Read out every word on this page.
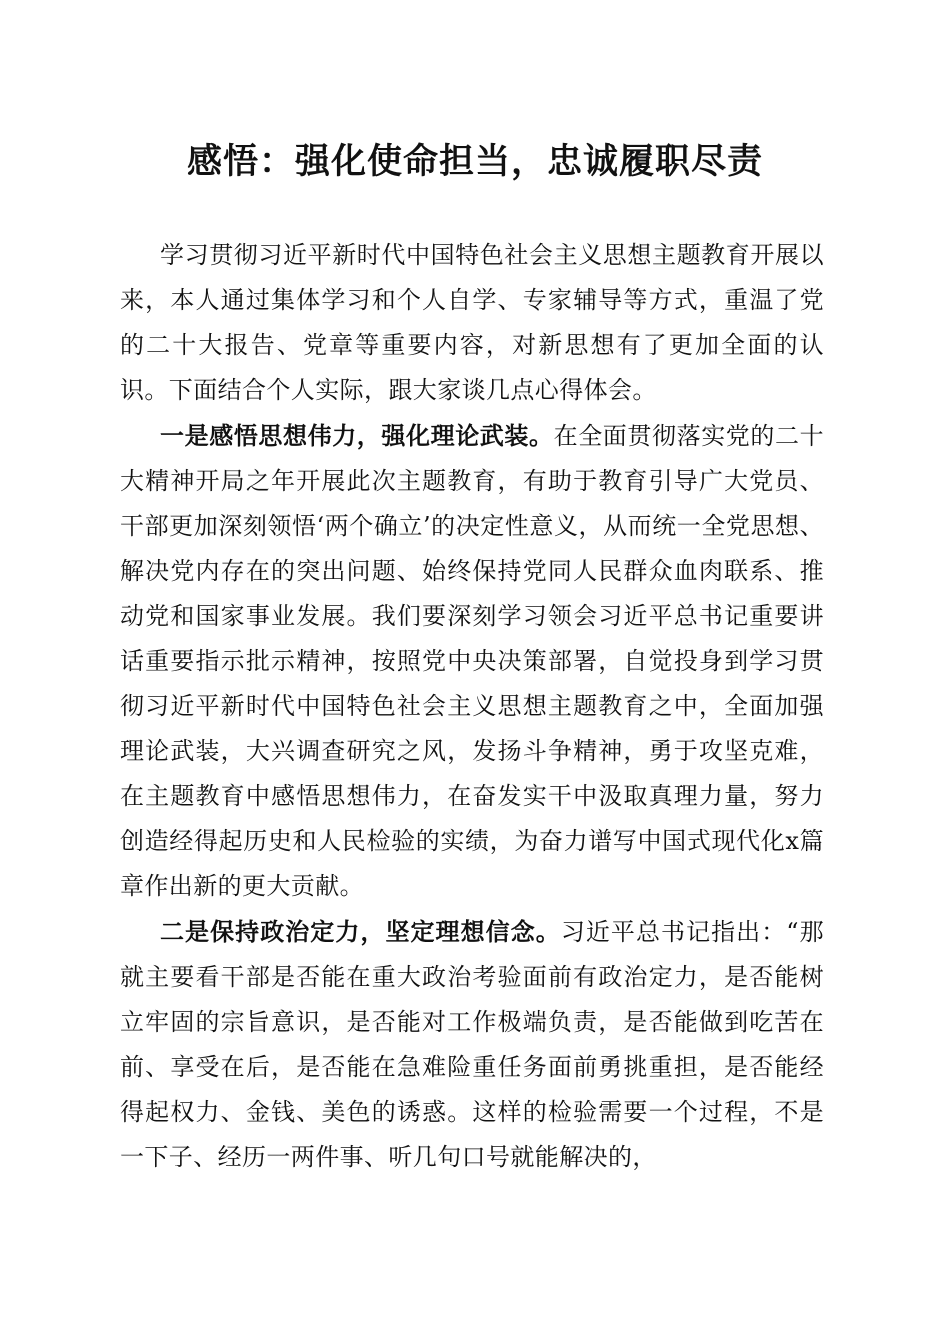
感悟：强化使命担当，忠诚履职尽责

学习贯彻习近平新时代中国特色社会主义思想主题教育开展以来，本人通过集体学习和个人自学、专家辅导等方式，重温了党的二十大报告、党章等重要内容，对新思想有了更加全面的认识。下面结合个人实际，跟大家谈几点心得体会。

一是感悟思想伟力，强化理论武装。在全面贯彻落实党的二十大精神开局之年开展此次主题教育，有助于教育引导广大党员、干部更加深刻领悟‘两个确立’的决定性意义，从而统一全党思想、解决党内存在的突出问题、始终保持党同人民群众血肉联系、推动党和国家事业发展。我们要深刻学习领会习近平总书记重要讲话重要指示批示精神，按照党中央决策部署，自觉投身到学习贯彻习近平新时代中国特色社会主义思想主题教育之中，全面加强理论武装，大兴调查研究之风，发扬斗争精神，勇于攻坚克难，在主题教育中感悟思想伟力，在奋发实干中汲取真理力量，努力创造经得起历史和人民检验的实绩，为奋力谱写中国式现代化x篇章作出新的更大贡献。

二是保持政治定力，坚定理想信念。习近平总书记指出：“那就主要看干部是否能在重大政治考验面前有政治定力，是否能树立牢固的宗旨意识，是否能对工作极端负责，是否能做到吃苦在前、享受在后，是否能在急难险重任务面前勇挑重担，是否能经得起权力、金钱、美色的诱惑。这样的检验需要一个过程，不是一下子、经历一两件事、听几句口号就能解决的，
